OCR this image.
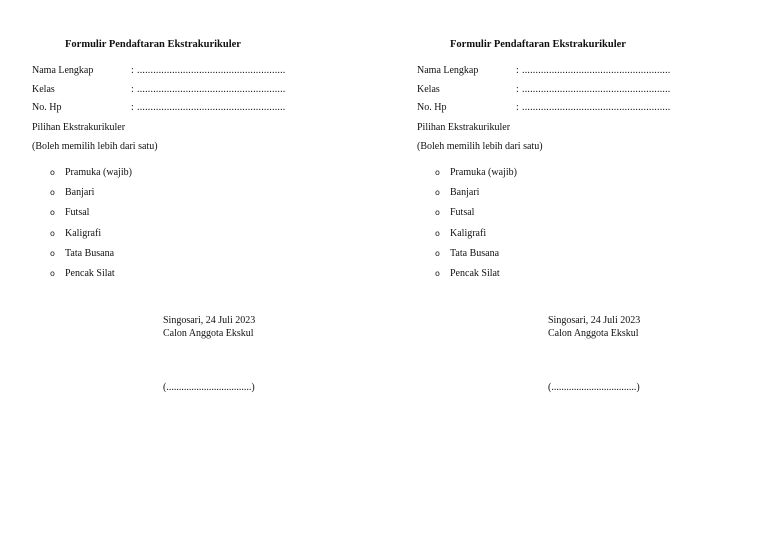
Formulir Pendaftaran Ekstrakurikuler
Nama Lengkap	: .......................................................
Kelas	: .......................................................
No. Hp	: .......................................................
Pilihan Ekstrakurikuler
(Boleh memilih lebih dari satu)
o	Pramuka (wajib)
o	Banjari
o	Futsal
o	Kaligrafi
o	Tata Busana
o	Pencak Silat
Singosari, 24 Juli 2023
Calon Anggota Ekskul
(..................................)
Formulir Pendaftaran Ekstrakurikuler
Nama Lengkap	: .......................................................
Kelas	: .......................................................
No. Hp	: .......................................................
Pilihan Ekstrakurikuler
(Boleh memilih lebih dari satu)
o	Pramuka (wajib)
o	Banjari
o	Futsal
o	Kaligrafi
o	Tata Busana
o	Pencak Silat
Singosari, 24 Juli 2023
Calon Anggota Ekskul
(..................................)
